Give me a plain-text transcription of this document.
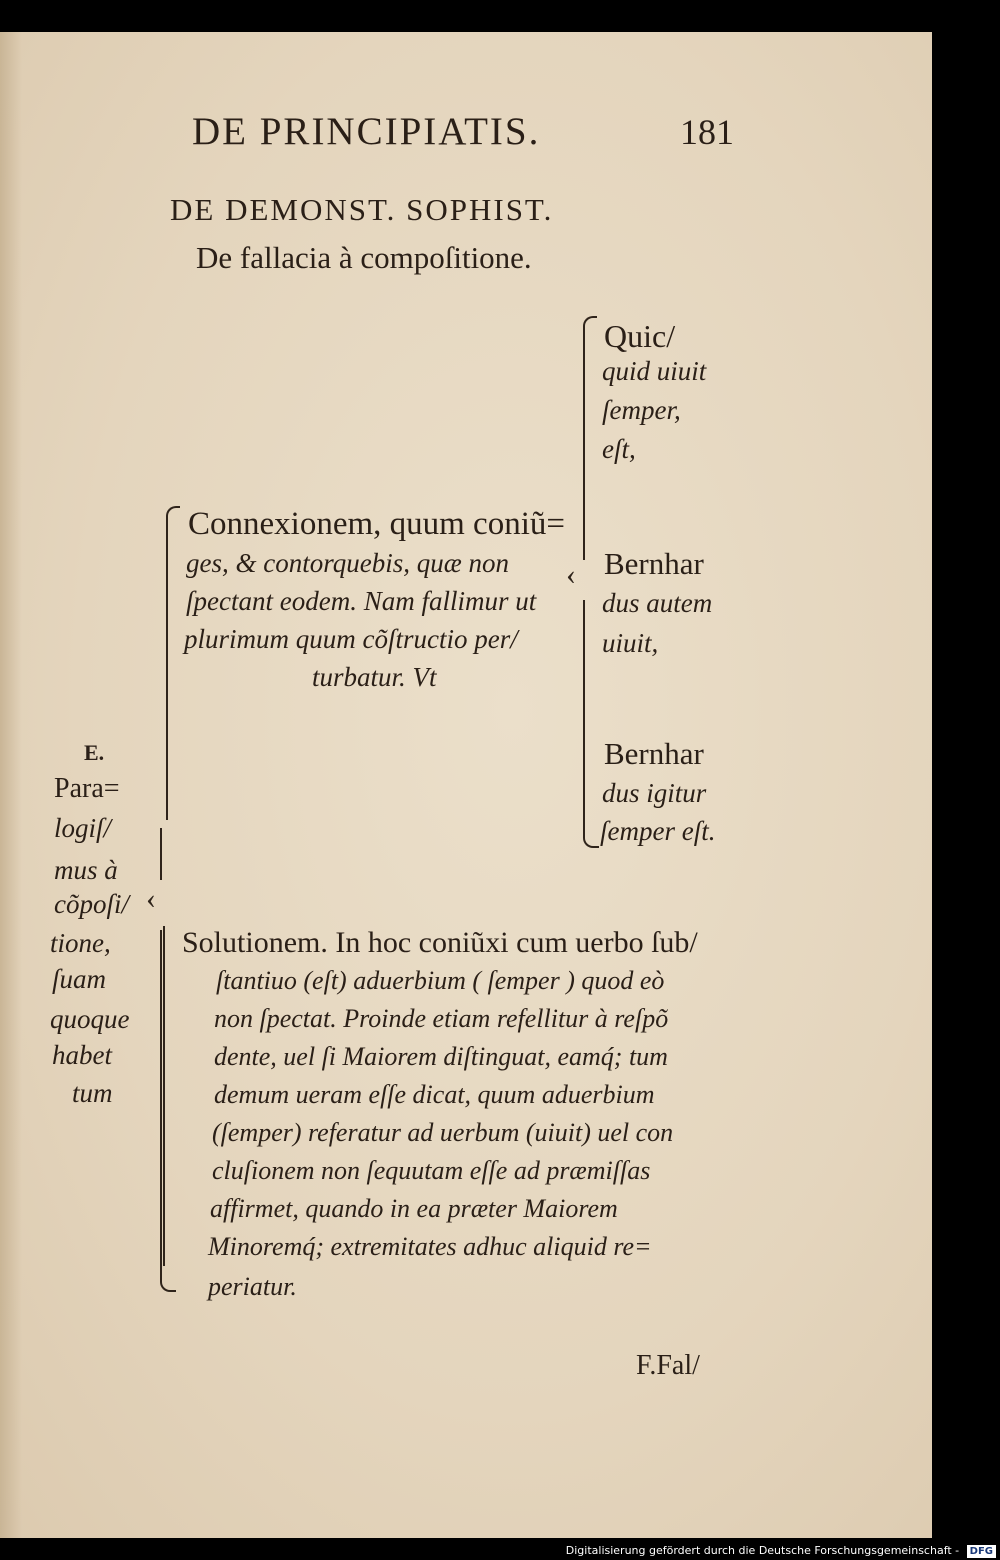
DE PRINCIPIATIS.	181
DE DEMONST. SOPHIST.
De fallacia à compoſitione.
E.
Para=
logiſ/
mus à
cõpoſi/
tione,
ſuam
quoque
habet
tum
‹
Connexionem, quum coniũ=
ges, & contorquebis, quæ non
ſpectant eodem. Nam fallimur ut
plurimum quum cõſtructio per/
turbatur. Vt
‹
Quic/
quid uiuit
ſemper,
eſt,
Bernhar
dus autem
uiuit,
Bernhar
dus igitur
ſemper eſt.
Solutionem. In hoc coniũxi cum uerbo ſub/
ſtantiuo (eſt) aduerbium ( ſemper ) quod eò
non ſpectat. Proinde etiam refellitur à reſpõ
dente, uel ſi Maiorem diſtinguat, eamq́; tum
demum ueram eſſe dicat, quum aduerbium
(ſemper) referatur ad uerbum (uiuit) uel con
cluſionem non ſequutam eſſe ad præmiſſas
affirmet, quando in ea præter Maiorem
Minoremq́; extremitates adhuc aliquid re=
periatur.
F.Fal/
Digitalisierung gefördert durch die Deutsche Forschungsgemeinschaft - DFG
